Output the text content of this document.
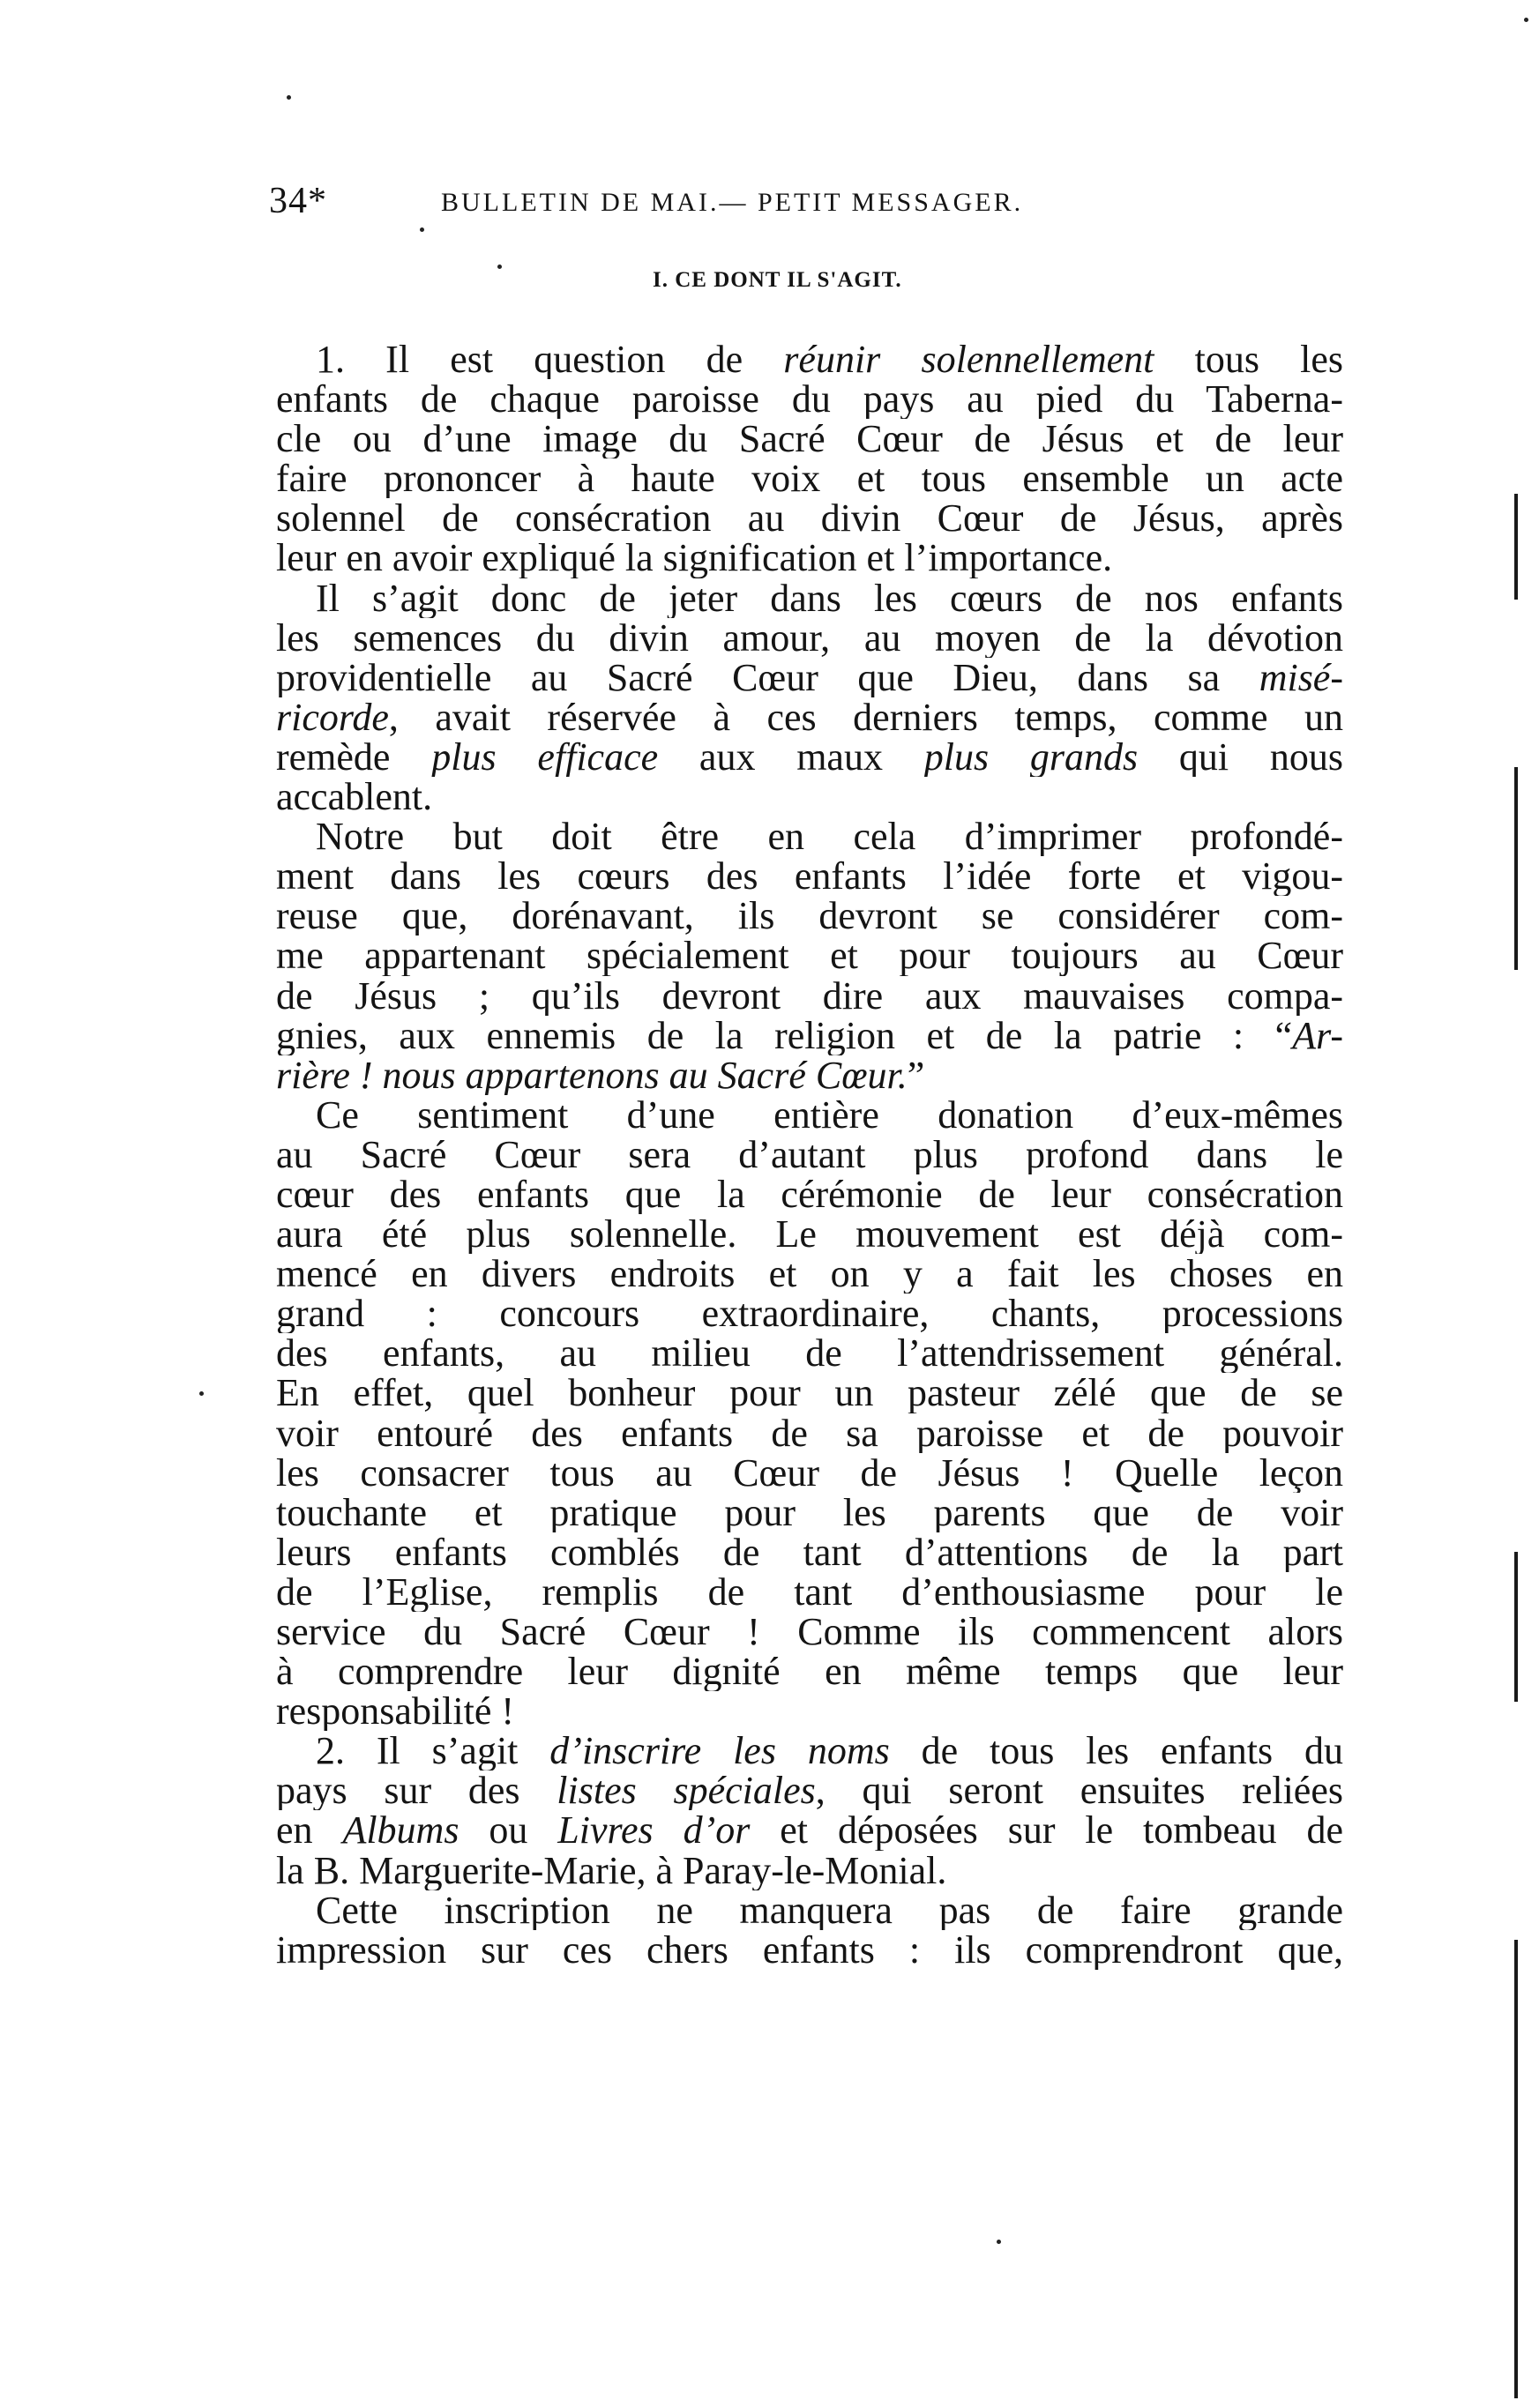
34*	BULLETIN DE MAI.— PETIT MESSAGER.
I. CE DONT IL S'AGIT.
1. Il est question de réunir solennellement tous les
enfants de chaque paroisse du pays au pied du Taberna-
cle ou d’une image du Sacré Cœur de Jésus et de leur
faire prononcer à haute voix et tous ensemble un acte
solennel de consécration au divin Cœur de Jésus, après
leur en avoir expliqué la signification et l’importance.
Il s’agit donc de jeter dans les cœurs de nos enfants
les semences du divin amour, au moyen de la dévotion
providentielle au Sacré Cœur que Dieu, dans sa misé-
ricorde, avait réservée à ces derniers temps, comme un
remède plus efficace aux maux plus grands qui nous
accablent.
Notre but doit être en cela d’imprimer profondé-
ment dans les cœurs des enfants l’idée forte et vigou-
reuse que, dorénavant, ils devront se considérer com-
me appartenant spécialement et pour toujours au Cœur
de Jésus ; qu’ils devront dire aux mauvaises compa-
gnies, aux ennemis de la religion et de la patrie : “Ar-
rière ! nous appartenons au Sacré Cœur.”
Ce sentiment d’une entière donation d’eux-mêmes
au Sacré Cœur sera d’autant plus profond dans le
cœur des enfants que la cérémonie de leur consécration
aura été plus solennelle. Le mouvement est déjà com-
mencé en divers endroits et on y a fait les choses en
grand : concours extraordinaire, chants, processions
des enfants, au milieu de l’attendrissement général.
En effet, quel bonheur pour un pasteur zélé que de se
voir entouré des enfants de sa paroisse et de pouvoir
les consacrer tous au Cœur de Jésus ! Quelle leçon
touchante et pratique pour les parents que de voir
leurs enfants comblés de tant d’attentions de la part
de l’Eglise, remplis de tant d’enthousiasme pour le
service du Sacré Cœur ! Comme ils commencent alors
à comprendre leur dignité en même temps que leur
responsabilité !
2. Il s’agit d’inscrire les noms de tous les enfants du
pays sur des listes spéciales, qui seront ensuites reliées
en Albums ou Livres d’or et déposées sur le tombeau de
la B. Marguerite-Marie, à Paray-le-Monial.
Cette inscription ne manquera pas de faire grande
impression sur ces chers enfants : ils comprendront que,
